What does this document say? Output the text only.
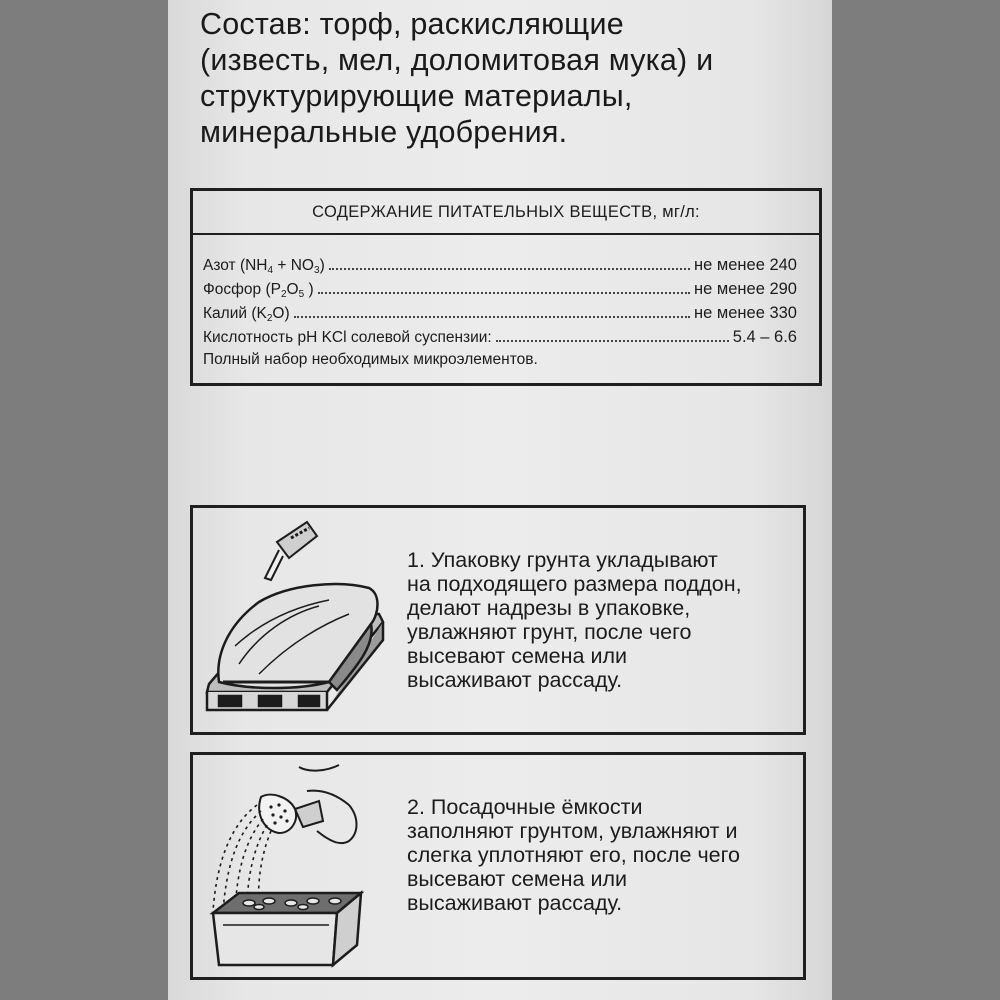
Состав: торф, раскисляющие
(известь, мел, доломитовая мука) и
структурирующие материалы,
минеральные удобрения.
СОДЕРЖАНИЕ ПИТАТЕЛЬНЫХ ВЕЩЕСТВ, мг/л:
Азот $(NH_4 + NO_3)$	не менее 240
Фосфор ($P_2O_5$ )	не менее 290
Калий $(K_2O)$	не менее 330
Кислотность pH KCl солевой суспензии:	5.4 – 6.6
Полный набор необходимых микроэлементов.
1. Упаковку грунта укладывают
на подходящего размера поддон,
делают надрезы в упаковке,
увлажняют грунт, после чего
высевают семена или
высаживают рассаду.
2. Посадочные ёмкости
заполняют грунтом, увлажняют и
слегка уплотняют его, после чего
высевают семена или
высаживают рассаду.
